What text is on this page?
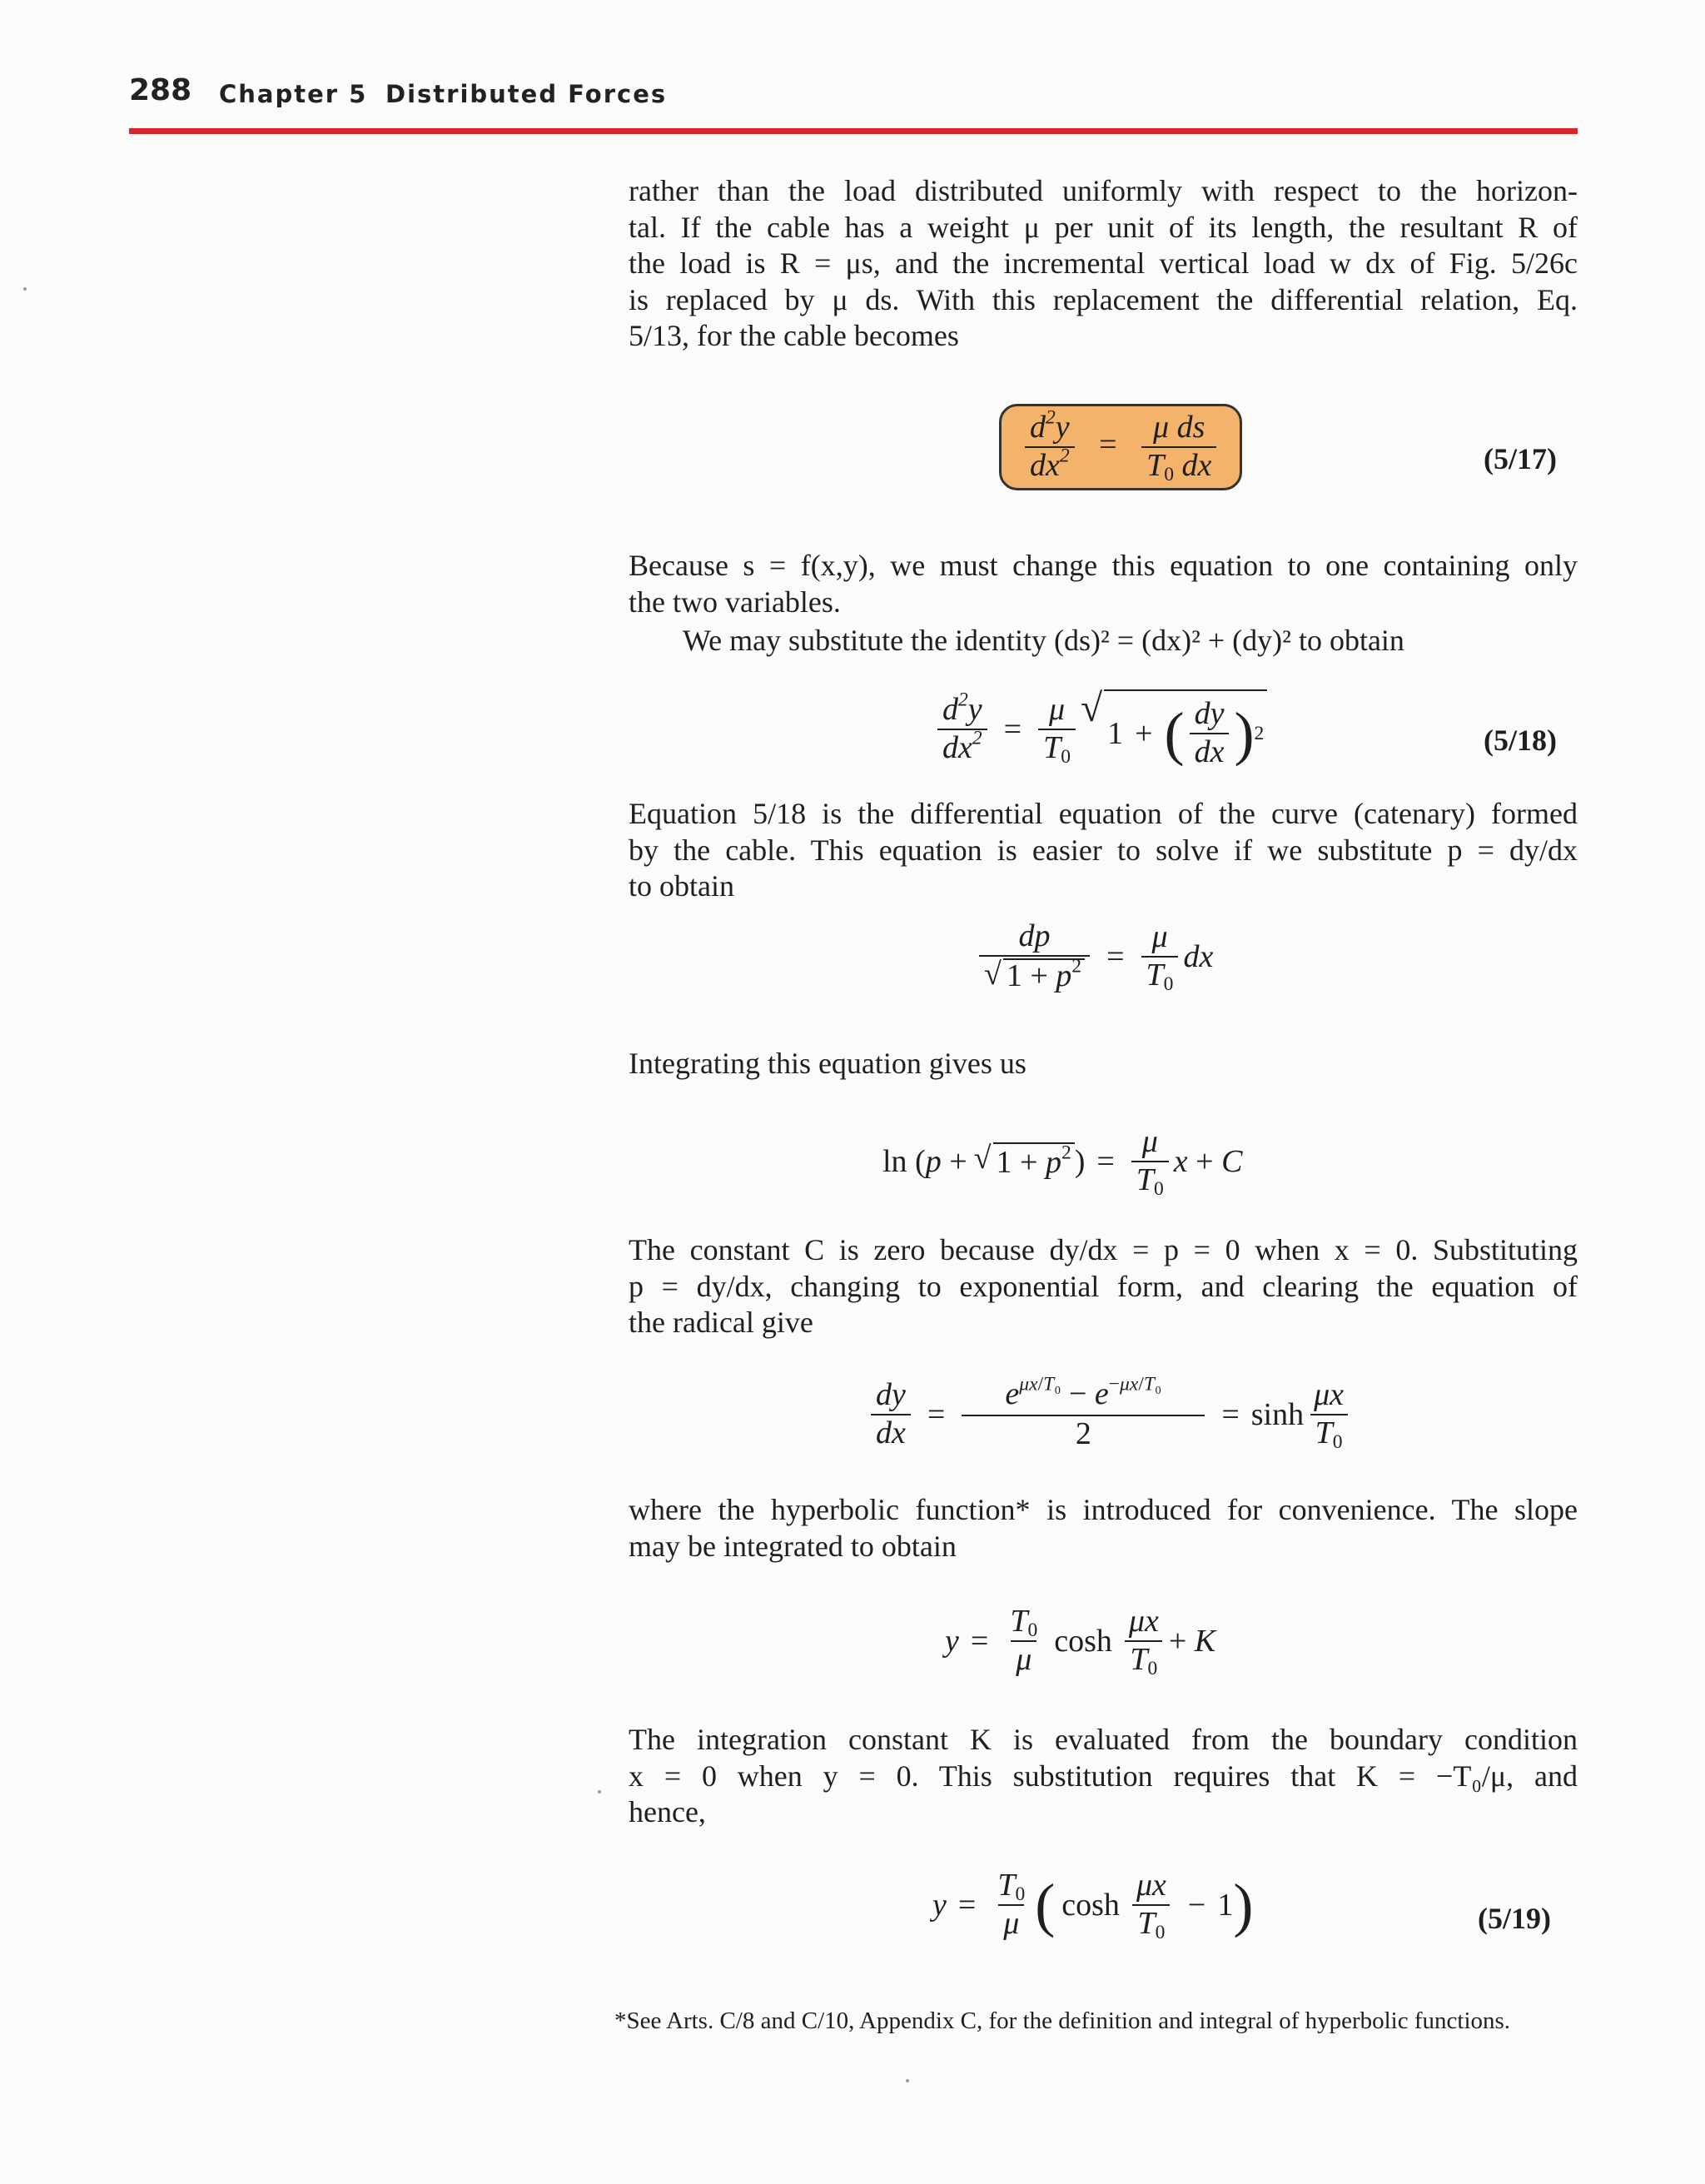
288 Chapter 5 Distributed Forces

rather than the load distributed uniformly with respect to the horizon-
tal. If the cable has a weight μ per unit of its length, the resultant R of
the load is R = μs, and the incremental vertical load w dx of Fig. 5/26c
is replaced by μ ds. With this replacement the differential relation, Eq.
5/13, for the cable becomes

$\frac{d^2y}{dx^2} = \frac{\text{μ ds}}{T_0 dx}$	(5/17)

Because s = f(x,y), we must change this equation to one containing only
the two variables.

We may substitute the identity (ds)² = (dx)² + (dy)² to obtain

$\frac{d^2y}{dx^2} = \frac{\mu}{T_0}$ √
1 + ( $\frac{dy}{dx}$ ) 2	(5/18)

Equation 5/18 is the differential equation of the curve (catenary) formed
by the cable. This equation is easier to solve if we substitute p = dy/dx
to obtain

$\frac{dp}{√ 1 + p^2} = \frac{\mu}{T_0}$ dx

Integrating this equation gives us

ln (p + √ $1 + p^2$ ) = $\frac{\mu}{T_0}$ x + C

The constant C is zero because dy/dx = p = 0 when x = 0. Substituting
p = dy/dx, changing to exponential form, and clearing the equation of
the radical give

$\frac{dy}{dx} = \frac{e^{\mu x/T_0} - e^{-\mu x/T_0}}{2} = \sinh \frac{\mu x}{T_0}$

where the hyperbolic function* is introduced for convenience. The slope
may be integrated to obtain

$y = \frac{T_0}{\mu}$ $\cosh \frac{\mu x}{T_0} + K$

The integration constant K is evaluated from the boundary condition
x = 0 when y = 0. This substitution requires that K = −T₀/μ, and
hence,

$y = \frac{T_0}{\mu}$ ( $\cosh \frac{\mu x}{T_0} - 1$ )	(5/19)
*See Arts. C/8 and C/10, Appendix C, for the definition and integral of hyperbolic functions.
